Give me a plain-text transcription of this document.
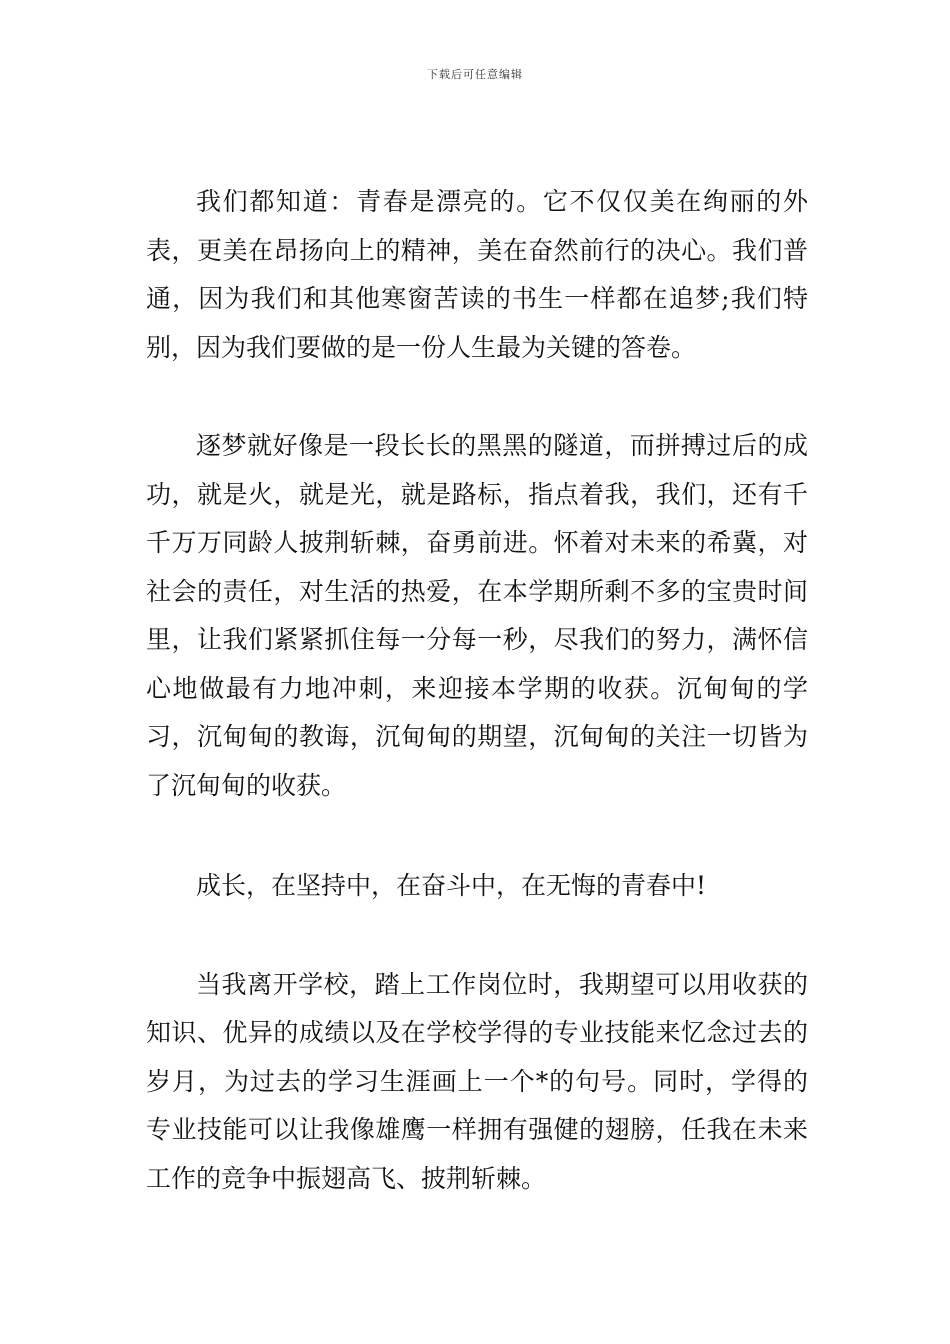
下载后可任意编辑

我们都知道：青春是漂亮的。它不仅仅美在绚丽的外表，更美在昂扬向上的精神，美在奋然前行的决心。我们普通，因为我们和其他寒窗苦读的书生一样都在追梦;我们特别，因为我们要做的是一份人生最为关键的答卷。

逐梦就好像是一段长长的黑黑的隧道，而拼搏过后的成功，就是火，就是光，就是路标，指点着我，我们，还有千千万万同龄人披荆斩棘，奋勇前进。怀着对未来的希冀，对社会的责任，对生活的热爱，在本学期所剩不多的宝贵时间里，让我们紧紧抓住每一分每一秒，尽我们的努力，满怀信心地做最有力地冲刺，来迎接本学期的收获。沉甸甸的学习，沉甸甸的教诲，沉甸甸的期望，沉甸甸的关注一切皆为了沉甸甸的收获。

成长，在坚持中，在奋斗中，在无悔的青春中!

当我离开学校，踏上工作岗位时，我期望可以用收获的知识、优异的成绩以及在学校学得的专业技能来忆念过去的岁月，为过去的学习生涯画上一个*的句号。同时，学得的专业技能可以让我像雄鹰一样拥有强健的翅膀，任我在未来工作的竞争中振翅高飞、披荆斩棘。
